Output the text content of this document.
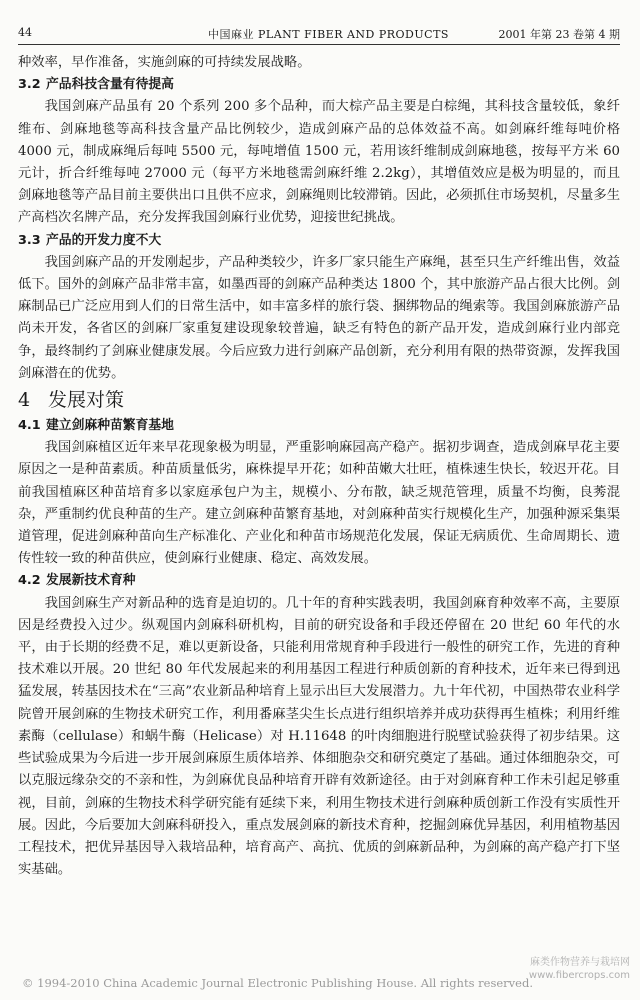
44	中国麻业 PLANT FIBER AND PRODUCTS	2001 年第 23 卷第 4 期

种效率，早作准备，实施剑麻的可持续发展战略。

3.2 产品科技含量有待提高

我国剑麻产品虽有 20 个系列 200 多个品种，而大棕产品主要是白棕绳，其科技含量较低，象纤维布、剑麻地毯等高科技含量产品比例较少，造成剑麻产品的总体效益不高。如剑麻纤维每吨价格 4000 元，制成麻绳后每吨 5500 元，每吨增值 1500 元，若用该纤维制成剑麻地毯，按每平方米 60 元计，折合纤维每吨 27000 元（每平方米地毯需剑麻纤维 2.2kg），其增值效应是极为明显的，而且剑麻地毯等产品目前主要供出口且供不应求，剑麻绳则比较滞销。因此，必须抓住市场契机，尽量多生产高档次名牌产品，充分发挥我国剑麻行业优势，迎接世纪挑战。

3.3 产品的开发力度不大

我国剑麻产品的开发刚起步，产品种类较少，许多厂家只能生产麻绳，甚至只生产纤维出售，效益低下。国外的剑麻产品非常丰富，如墨西哥的剑麻产品种类达 1800 个，其中旅游产品占很大比例。剑麻制品已广泛应用到人们的日常生活中，如丰富多样的旅行袋、捆绑物品的绳索等。我国剑麻旅游产品尚未开发，各省区的剑麻厂家重复建设现象较普遍，缺乏有特色的新产品开发，造成剑麻行业内部竞争，最终制约了剑麻业健康发展。今后应致力进行剑麻产品创新，充分利用有限的热带资源，发挥我国剑麻潜在的优势。

4 发展对策

4.1 建立剑麻种苗繁育基地

我国剑麻植区近年来早花现象极为明显，严重影响麻园高产稳产。据初步调查，造成剑麻早花主要原因之一是种苗素质。种苗质量低劣，麻株提早开花；如种苗嫩大壮旺，植株速生快长，较迟开花。目前我国植麻区种苗培育多以家庭承包户为主，规模小、分布散，缺乏规范管理，质量不均衡，良莠混杂，严重制约优良种苗的生产。建立剑麻种苗繁育基地，对剑麻种苗实行规模化生产，加强种源采集渠道管理，促进剑麻种苗向生产标准化、产业化和种苗市场规范化发展，保证无病质优、生命周期长、遗传性较一致的种苗供应，使剑麻行业健康、稳定、高效发展。

4.2 发展新技术育种

我国剑麻生产对新品种的选育是迫切的。几十年的育种实践表明，我国剑麻育种效率不高，主要原因是经费投入过少。纵观国内剑麻科研机构，目前的研究设备和手段还停留在 20 世纪 60 年代的水平，由于长期的经费不足，难以更新设备，只能利用常规育种手段进行一般性的研究工作，先进的育种技术难以开展。20 世纪 80 年代发展起来的利用基因工程进行种质创新的育种技术，近年来已得到迅猛发展，转基因技术在“三高”农业新品种培育上显示出巨大发展潜力。九十年代初，中国热带农业科学院曾开展剑麻的生物技术研究工作，利用番麻茎尖生长点进行组织培养并成功获得再生植株；利用纤维素酶（cellulase）和蜗牛酶（Helicase）对 H.11648 的叶肉细胞进行脱壁试验获得了初步结果。这些试验成果为今后进一步开展剑麻原生质体培养、体细胞杂交和研究奠定了基础。通过体细胞杂交，可以克服远缘杂交的不亲和性，为剑麻优良品种培育开辟有效新途径。由于对剑麻育种工作未引起足够重视，目前，剑麻的生物技术科学研究能有延续下来，利用生物技术进行剑麻种质创新工作没有实质性开展。因此，今后要加大剑麻科研投入，重点发展剑麻的新技术育种，挖掘剑麻优异基因，利用植物基因工程技术，把优异基因导入栽培品种，培育高产、高抗、优质的剑麻新品种，为剑麻的高产稳产打下坚实基础。

麻类作物营养与栽培网
www.fibercrops.com
© 1994-2010 China Academic Journal Electronic Publishing House. All rights reserved.
